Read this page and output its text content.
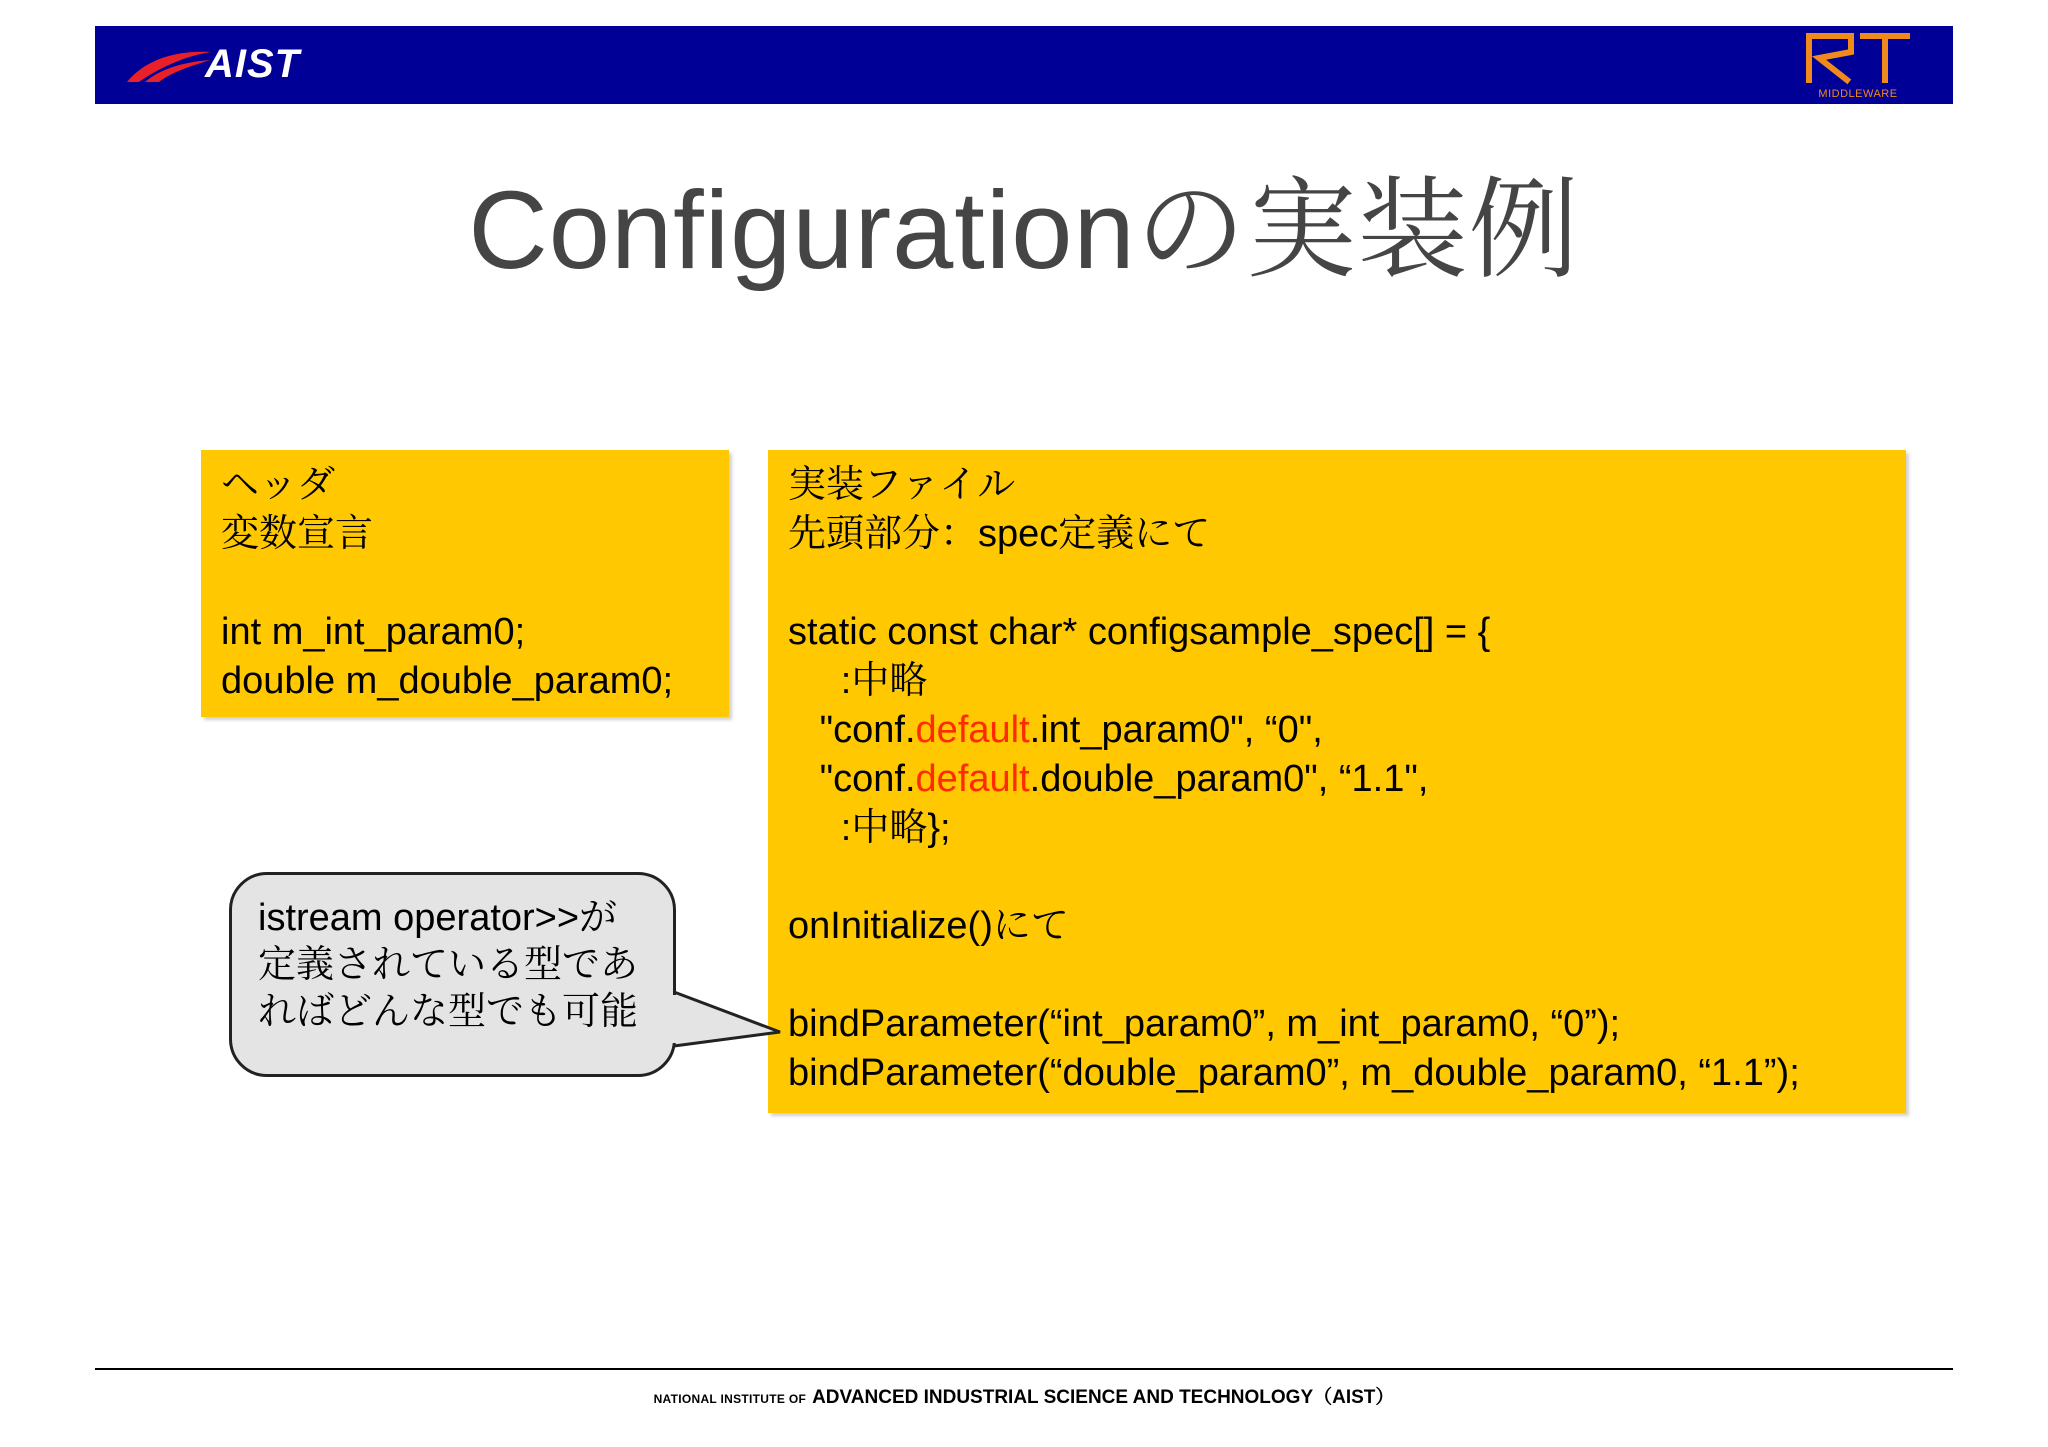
AIST
MIDDLEWARE
Configurationの実装例
ヘッダ
変数宣言
int m_int_param0;
double m_double_param0;
実装ファイル
先頭部分：spec定義にて
static const char* configsample_spec[] = {
:中略
"conf.default.int_param0", “0",
"conf.default.double_param0", “1.1",
:中略};
onInitialize()にて
bindParameter(“int_param0”, m_int_param0, “0”);
bindParameter(“double_param0”, m_double_param0, “1.1”);
istream operator>>が
定義されている型であ
ればどんな型でも可能
NATIONAL INSTITUTE OF ADVANCED INDUSTRIAL SCIENCE AND TECHNOLOGY（AIST）
